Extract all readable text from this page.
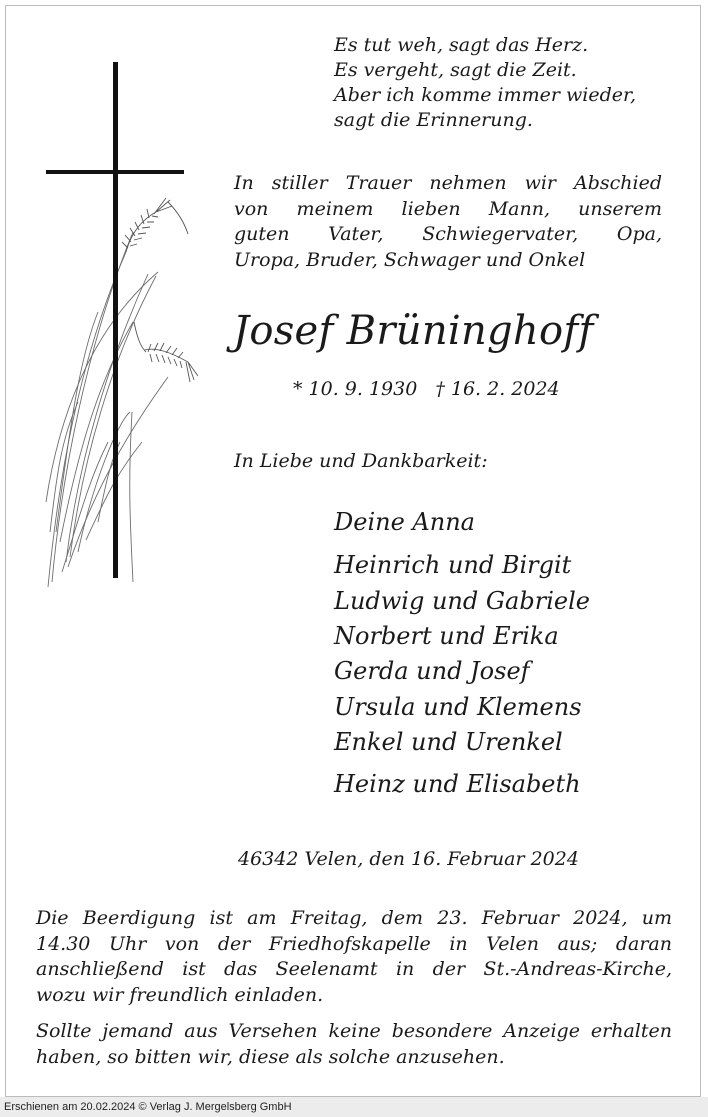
Es tut weh, sagt das Herz.
Es vergeht, sagt die Zeit.
Aber ich komme immer wieder,
sagt die Erinnerung.
In stiller Trauer nehmen wir Abschied
von meinem lieben Mann, unserem
guten Vater, Schwiegervater, Opa,
Uropa, Bruder, Schwager und Onkel
Josef Brüninghoff
* 10. 9. 1930 † 16. 2. 2024
In Liebe und Dankbarkeit:
Deine Anna
Heinrich und Birgit
Ludwig und Gabriele
Norbert und Erika
Gerda und Josef
Ursula und Klemens
Enkel und Urenkel
Heinz und Elisabeth
46342 Velen, den 16. Februar 2024
Die Beerdigung ist am Freitag, dem 23. Februar 2024, um
14.30 Uhr von der Friedhofskapelle in Velen aus; daran
anschließend ist das Seelenamt in der St.-Andreas-Kirche,
wozu wir freundlich einladen.
Sollte jemand aus Versehen keine besondere Anzeige erhalten
haben, so bitten wir, diese als solche anzusehen.
Erschienen am 20.02.2024 © Verlag J. Mergelsberg GmbH
